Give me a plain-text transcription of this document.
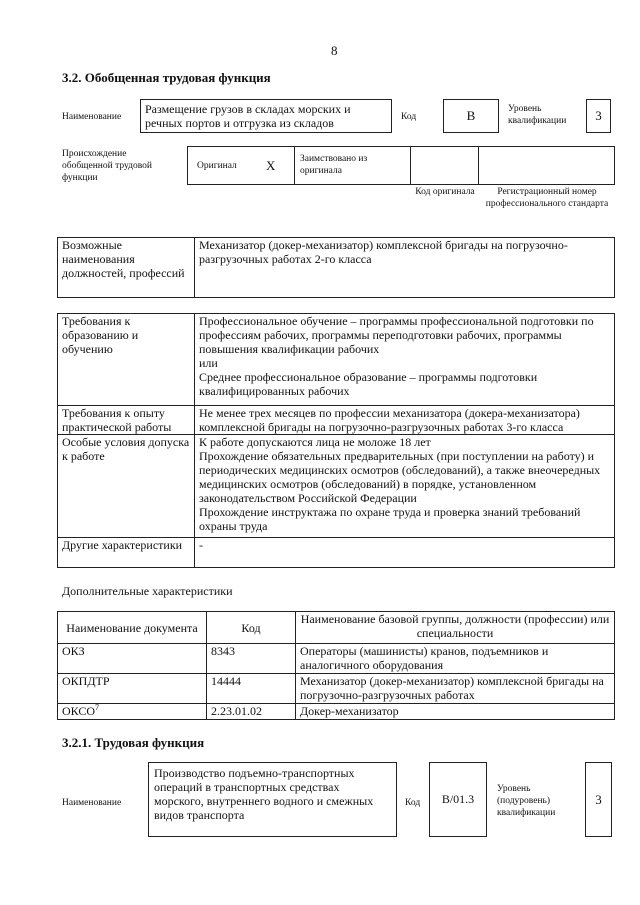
8
3.2. Обобщенная трудовая функция
Наименование
Размещение грузов в складах морских и речных портов и отгрузка из складов	Код	B	Уровень квалификации	3
Происхождение обобщенной трудовой функции
Оригинал X	Заимствовано из оригинала
Код оригинала	Регистрационный номер профессионального стандарта
Возможные наименования должностей, профессий	Механизатор (докер-механизатор) комплексной бригады на погрузочно-разгрузочных работах 2-го класса
Требования к образованию и обучению	Профессиональное обучение – программы профессиональной подготовки по профессиям рабочих, программы переподготовки рабочих, программы повышения квалификации рабочих
или
Среднее профессиональное образование – программы подготовки квалифицированных рабочих
Требования к опыту практической работы	Не менее трех месяцев по профессии механизатора (докера-механизатора) комплексной бригады на погрузочно-разгрузочных работах 3-го класса
Особые условия допуска к работе	К работе допускаются лица не моложе 18 лет
Прохождение обязательных предварительных (при поступлении на работу) и периодических медицинских осмотров (обследований), а также внеочередных медицинских осмотров (обследований) в порядке, установленном законодательством Российской Федерации
Прохождение инструктажа по охране труда и проверка знаний требований охраны труда
Другие характеристики	-
Дополнительные характеристики
Наименование документа	Код	Наименование базовой группы, должности (профессии) или специальности
ОКЗ	8343	Операторы (машинисты) кранов, подъемников и аналогичного оборудования
ОКПДТР	14444	Механизатор (докер-механизатор) комплексной бригады на погрузочно-разгрузочных работах
ОКСО$^7$	2.23.01.02	Докер-механизатор
3.2.1. Трудовая функция
Наименование
Производство подъемно-транспортных операций в транспортных средствах морского, внутреннего водного и смежных видов транспорта
Код	B/01.3
Уровень (подуровень) квалификации
3
